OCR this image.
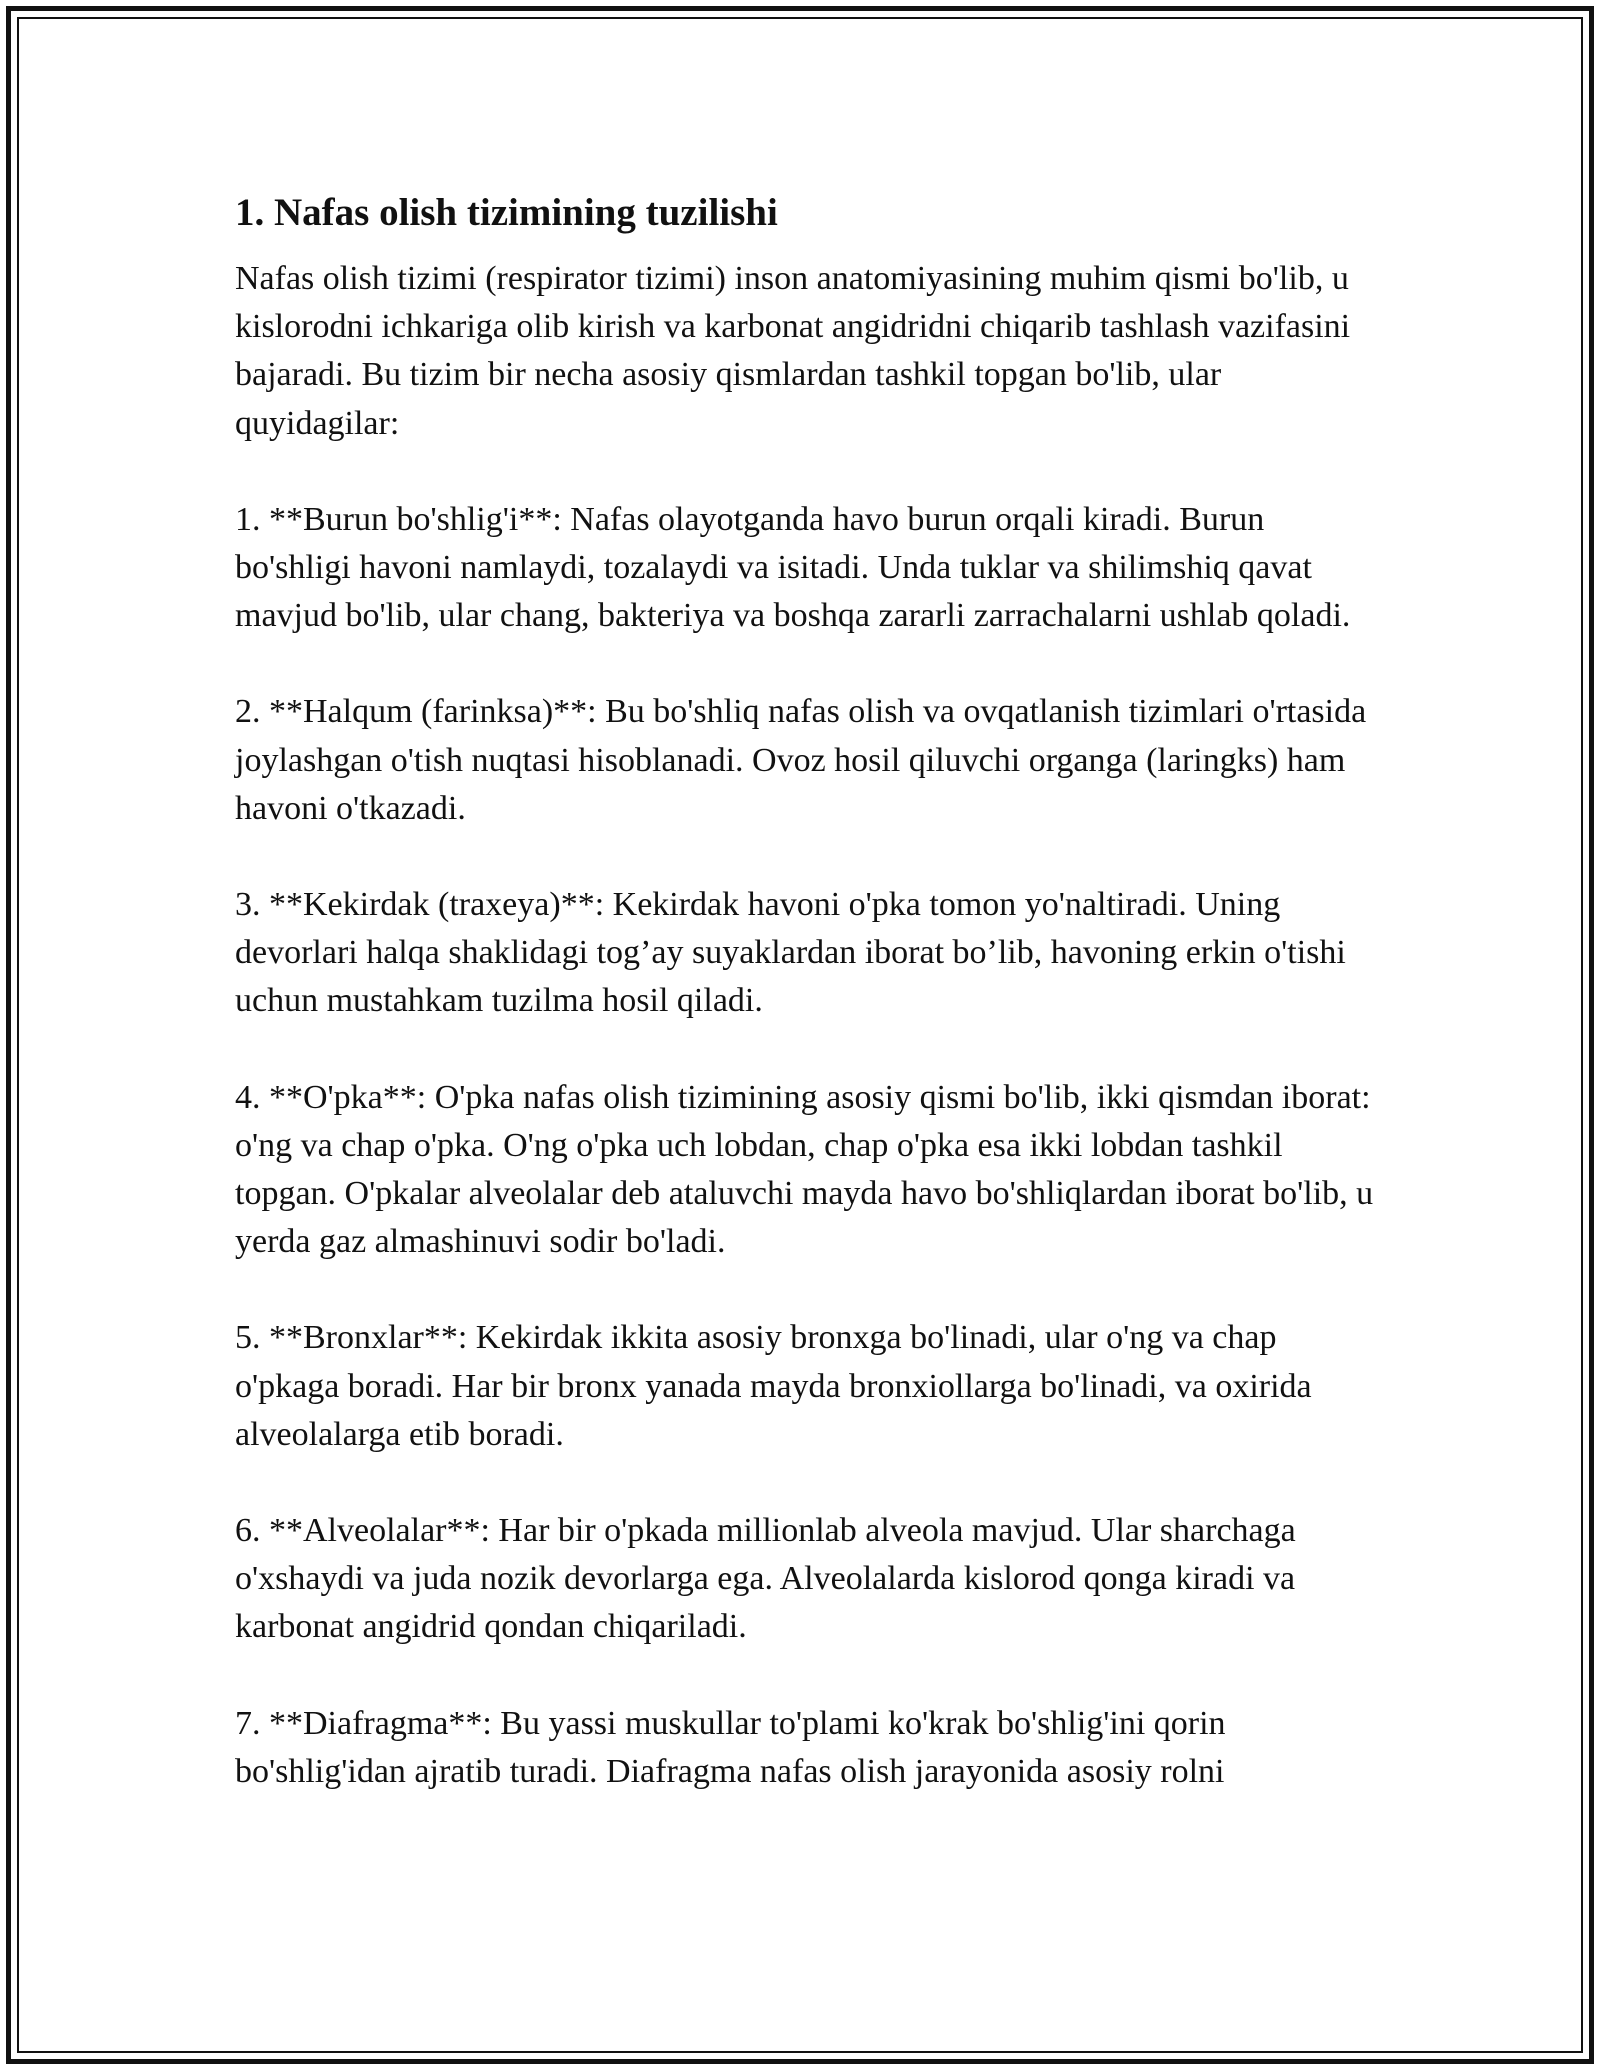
1. Nafas olish tizimining tuzilishi

Nafas olish tizimi (respirator tizimi) inson anatomiyasining muhim qismi bo'lib, u kislorodni ichkariga olib kirish va karbonat angidridni chiqarib tashlash vazifasini bajaradi. Bu tizim bir necha asosiy qismlardan tashkil topgan bo'lib, ular quyidagilar:

1. **Burun bo'shlig'i**: Nafas olayotganda havo burun orqali kiradi. Burun bo'shligi havoni namlaydi, tozalaydi va isitadi. Unda tuklar va shilimshiq qavat mavjud bo'lib, ular chang, bakteriya va boshqa zararli zarrachalarni ushlab qoladi.

2. **Halqum (farinksa)**: Bu bo'shliq nafas olish va ovqatlanish tizimlari o'rtasida joylashgan o'tish nuqtasi hisoblanadi. Ovoz hosil qiluvchi organga (laringks) ham havoni o'tkazadi.

3. **Kekirdak (traxeya)**: Kekirdak havoni o'pka tomon yo'naltiradi. Uning devorlari halqa shaklidagi tog’ay suyaklardan iborat bo’lib, havoning erkin o'tishi uchun mustahkam tuzilma hosil qiladi.

4. **O'pka**: O'pka nafas olish tizimining asosiy qismi bo'lib, ikki qismdan iborat: o'ng va chap o'pka. O'ng o'pka uch lobdan, chap o'pka esa ikki lobdan tashkil topgan. O'pkalar alveolalar deb ataluvchi mayda havo bo'shliqlardan iborat bo'lib, u yerda gaz almashinuvi sodir bo'ladi.

5. **Bronxlar**: Kekirdak ikkita asosiy bronxga bo'linadi, ular o'ng va chap o'pkaga boradi. Har bir bronx yanada mayda bronxiollarga bo'linadi, va oxirida alveolalarga etib boradi.

6. **Alveolalar**: Har bir o'pkada millionlab alveola mavjud. Ular sharchaga o'xshaydi va juda nozik devorlarga ega. Alveolalarda kislorod qonga kiradi va karbonat angidrid qondan chiqariladi.

7. **Diafragma**: Bu yassi muskullar to'plami ko'krak bo'shlig'ini qorin bo'shlig'idan ajratib turadi. Diafragma nafas olish jarayonida asosiy rolni
